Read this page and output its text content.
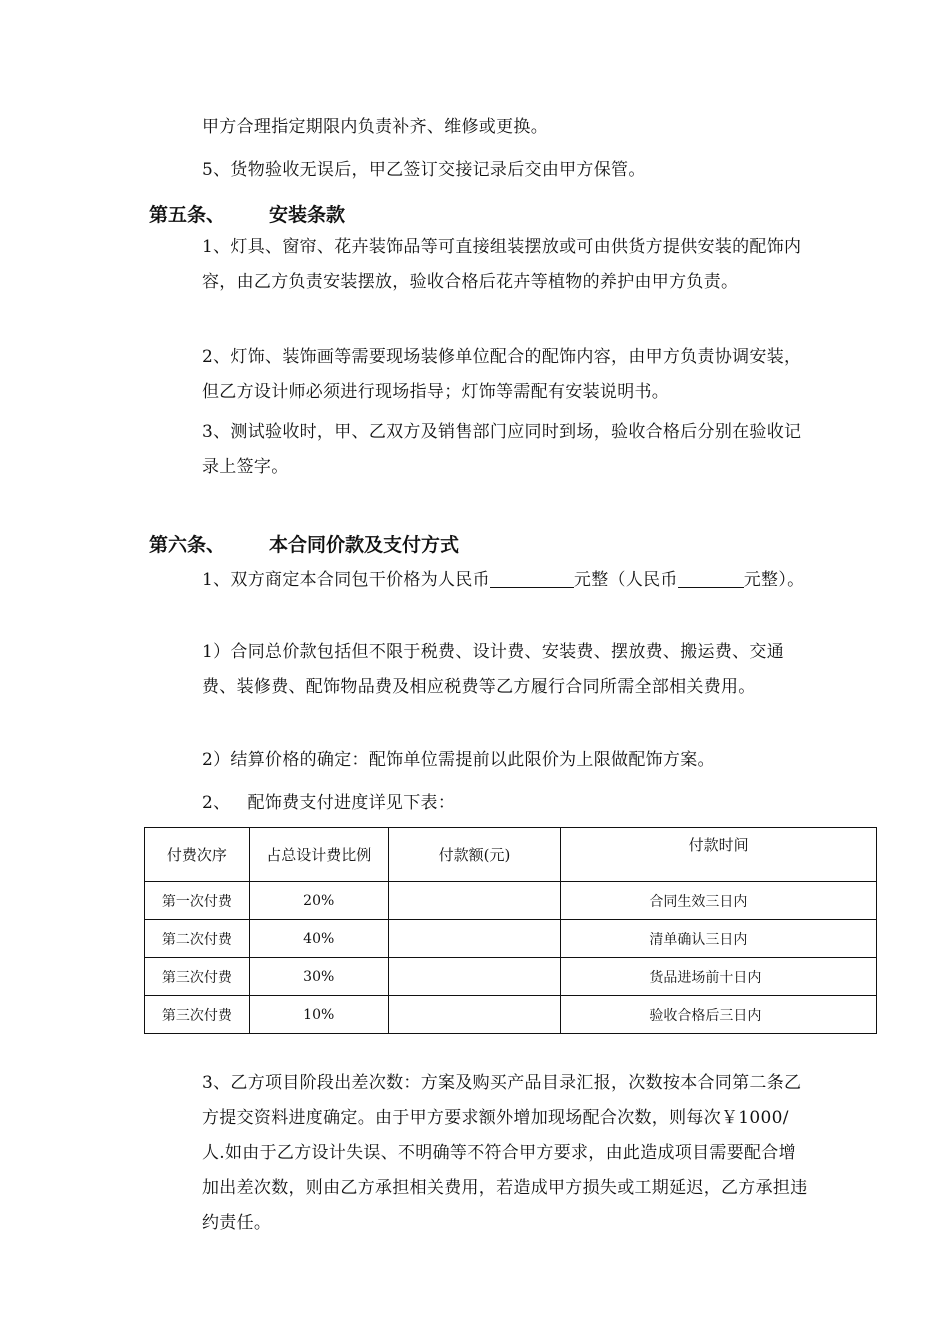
甲方合理指定期限内负责补齐、维修或更换。

5、货物验收无误后，甲乙签订交接记录后交由甲方保管。

第五条、 安装条款

1、灯具、窗帘、花卉装饰品等可直接组装摆放或可由供货方提供安装的配饰内容，由乙方负责安装摆放，验收合格后花卉等植物的养护由甲方负责。

2、灯饰、装饰画等需要现场装修单位配合的配饰内容，由甲方负责协调安装，但乙方设计师必须进行现场指导；灯饰等需配有安装说明书。

3、测试验收时，甲、乙双方及销售部门应同时到场，验收合格后分别在验收记录上签字。

第六条、 本合同价款及支付方式

1、双方商定本合同包干价格为人民币	元整（人民币	元整）。

1）合同总价款包括但不限于税费、设计费、安装费、摆放费、搬运费、交通费、装修费、配饰物品费及相应税费等乙方履行合同所需全部相关费用。

2）结算价格的确定：配饰单位需提前以此限价为上限做配饰方案。

2、   配饰费支付进度详见下表：

付费次序	占总设计费比例	付款额(元)	付款时间
第一次付费	20%		合同生效三日内
第二次付费	40%		清单确认三日内
第三次付费	30%		货品进场前十日内
第三次付费	10%		验收合格后三日内

3、乙方项目阶段出差次数：方案及购买产品目录汇报，次数按本合同第二条乙方提交资料进度确定。由于甲方要求额外增加现场配合次数，则每次￥1000/人.如由于乙方设计失误、不明确等不符合甲方要求，由此造成项目需要配合增加出差次数，则由乙方承担相关费用，若造成甲方损失或工期延迟，乙方承担违约责任。
